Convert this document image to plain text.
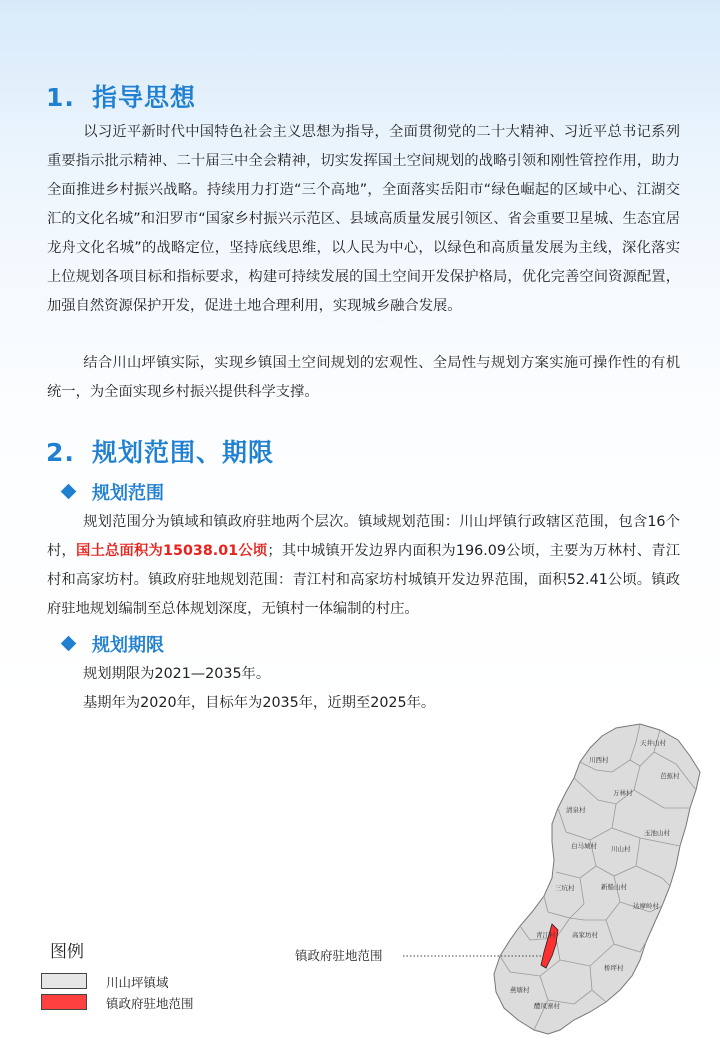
1. 指导思想
以习近平新时代中国特色社会主义思想为指导，全面贯彻党的二十大精神、习近平总书记系列重要指示批示精神、二十届三中全会精神，切实发挥国土空间规划的战略引领和刚性管控作用，助力全面推进乡村振兴战略。持续用力打造“三个高地”，全面落实岳阳市“绿色崛起的区域中心、江湖交汇的文化名城”和汨罗市“国家乡村振兴示范区、县域高质量发展引领区、省会重要卫星城、生态宜居龙舟文化名城”的战略定位，坚持底线思维，以人民为中心，以绿色和高质量发展为主线，深化落实上位规划各项目标和指标要求，构建可持续发展的国土空间开发保护格局，优化完善空间资源配置，加强自然资源保护开发，促进土地合理利用，实现城乡融合发展。
结合川山坪镇实际，实现乡镇国土空间规划的宏观性、全局性与规划方案实施可操作性的有机统一，为全面实现乡村振兴提供科学支撑。
2. 规划范围、期限
规划范围
规划范围分为镇域和镇政府驻地两个层次。镇域规划范围：川山坪镇行政辖区范围，包含16个村，国土总面积为15038.01公顷；其中城镇开发边界内面积为196.09公顷，主要为万林村、青江村和高家坊村。镇政府驻地规划范围：青江村和高家坊村城镇开发边界范围，面积52.41公顷。镇政府驻地规划编制至总体规划深度，无镇村一体编制的村庄。
规划期限
规划期限为2021—2035年。
基期年为2020年，目标年为2035年，近期至2025年。
天井山村
川西村
芭蕉村
万林村
清泉村
玉池山村
白马城村 川山村
三坑村	新船山村
达摩岭村
青江村	高家坊村
桥坪村
燕塘村
醴凤寨村
镇政府驻地范围
图例
川山坪镇域
镇政府驻地范围
